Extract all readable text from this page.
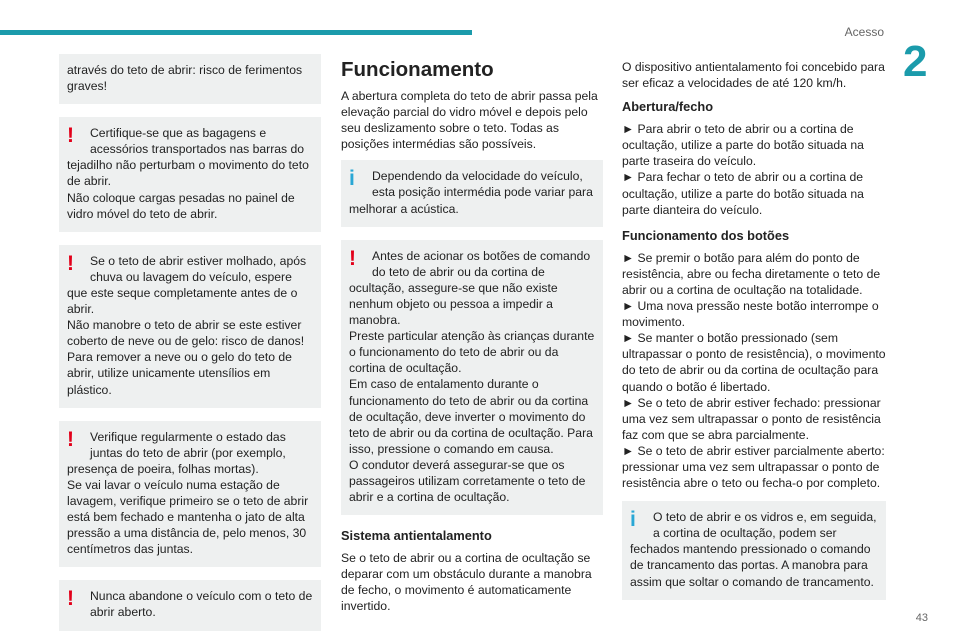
Acesso
2
43
através do teto de abrir: risco de ferimentos graves!
!	Certifique-se que as bagagens e acessórios transportados nas barras do
tejadilho não perturbam o movimento do teto de abrir.
Não coloque cargas pesadas no painel de vidro móvel do teto de abrir.
!	Se o teto de abrir estiver molhado, após chuva ou lavagem do veículo, espere
que este seque completamente antes de o abrir.
Não manobre o teto de abrir se este estiver coberto de neve ou de gelo: risco de danos!
Para remover a neve ou o gelo do teto de abrir, utilize unicamente utensílios em plástico.
!	Verifique regularmente o estado das juntas do teto de abrir (por exemplo,
presença de poeira, folhas mortas).
Se vai lavar o veículo numa estação de lavagem, verifique primeiro se o teto de abrir está bem fechado e mantenha o jato de alta pressão a uma distância de, pelo menos, 30 centímetros das juntas.
!	Nunca abandone o veículo com o teto de abrir aberto.
Funcionamento

A abertura completa do teto de abrir passa pela elevação parcial do vidro móvel e depois pelo seu deslizamento sobre o teto. Todas as posições intermédias são possíveis.

i	Dependendo da velocidade do veículo, esta posição intermédia pode variar para
melhorar a acústica.
!	Antes de acionar os botões de comando do teto de abrir ou da cortina de
ocultação, assegure-se que não existe nenhum objeto ou pessoa a impedir a manobra.
Preste particular atenção às crianças durante o funcionamento do teto de abrir ou da cortina de ocultação.
Em caso de entalamento durante o funcionamento do teto de abrir ou da cortina de ocultação, deve inverter o movimento do teto de abrir ou da cortina de ocultação. Para isso, pressione o comando em causa.
O condutor deverá assegurar-se que os passageiros utilizam corretamente o teto de abrir e a cortina de ocultação.
Sistema antientalamento

Se o teto de abrir ou a cortina de ocultação se deparar com um obstáculo durante a manobra de fecho, o movimento é automaticamente invertido.

O dispositivo antientalamento foi concebido para ser eficaz a velocidades de até 120 km/h.

Abertura/fecho
► Para abrir o teto de abrir ou a cortina de ocultação, utilize a parte do botão situada na parte traseira do veículo.
► Para fechar o teto de abrir ou a cortina de ocultação, utilize a parte do botão situada na parte dianteira do veículo.
Funcionamento dos botões
► Se premir o botão para além do ponto de resistência, abre ou fecha diretamente o teto de abrir ou a cortina de ocultação na totalidade.
► Uma nova pressão neste botão interrompe o movimento.
► Se manter o botão pressionado (sem ultrapassar o ponto de resistência), o movimento do teto de abrir ou da cortina de ocultação para quando o botão é libertado.
► Se o teto de abrir estiver fechado: pressionar uma vez sem ultrapassar o ponto de resistência faz com que se abra parcialmente.
► Se o teto de abrir estiver parcialmente aberto: pressionar uma vez sem ultrapassar o ponto de resistência abre o teto ou fecha-o por completo.
i	O teto de abrir e os vidros e, em seguida, a cortina de ocultação, podem ser
fechados mantendo pressionado o comando de trancamento das portas. A manobra para assim que soltar o comando de trancamento.
